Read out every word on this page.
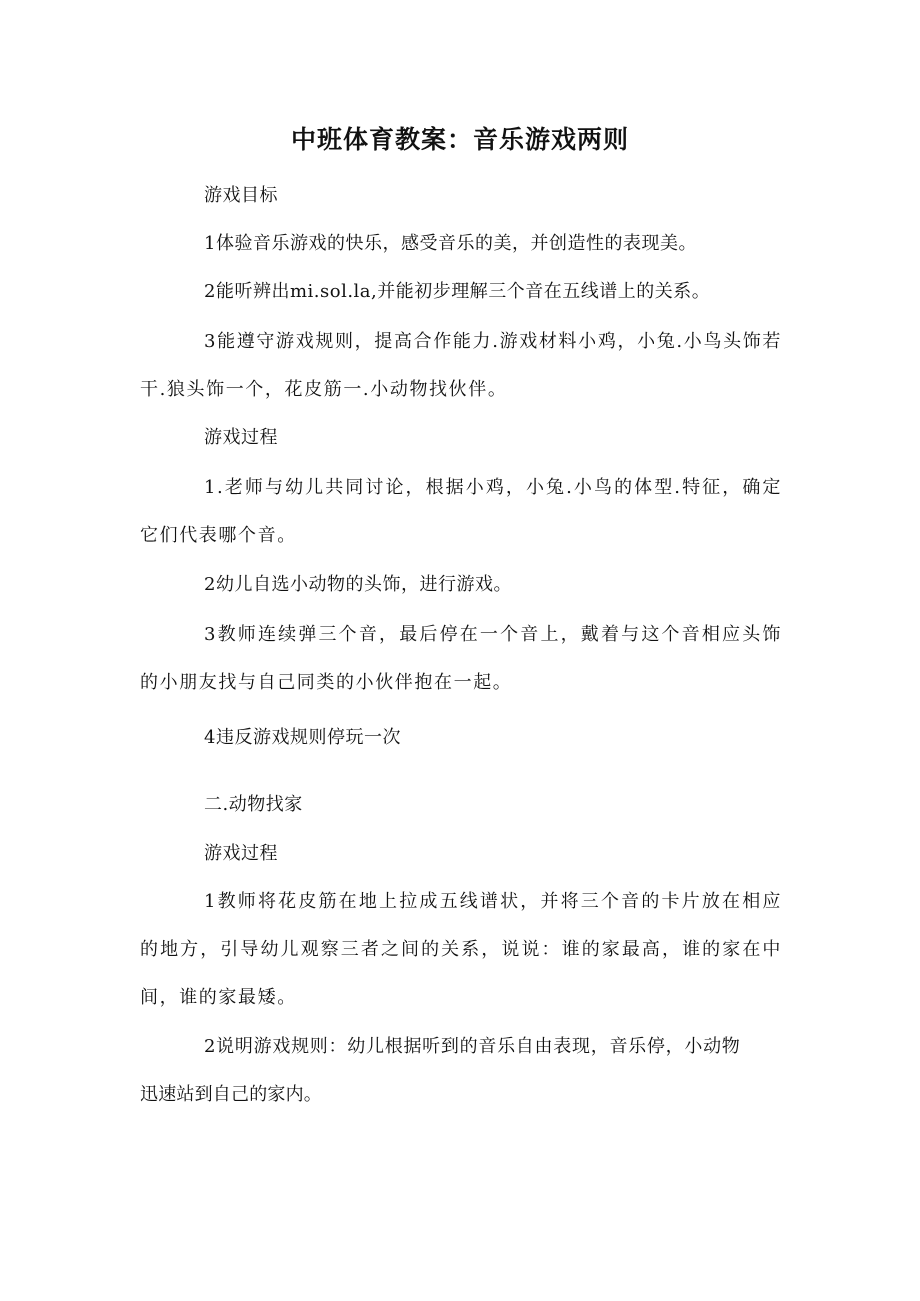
中班体育教案：音乐游戏两则

游戏目标

1体验音乐游戏的快乐，感受音乐的美，并创造性的表现美。

2能听辨出mi.sol.la,并能初步理解三个音在五线谱上的关系。

3能遵守游戏规则，提高合作能力.游戏材料小鸡，小兔.小鸟头饰若干.狼头饰一个，花皮筋一.小动物找伙伴。

游戏过程

1.老师与幼儿共同讨论，根据小鸡，小兔.小鸟的体型.特征，确定它们代表哪个音。

2幼儿自选小动物的头饰，进行游戏。

3教师连续弹三个音，最后停在一个音上，戴着与这个音相应头饰的小朋友找与自己同类的小伙伴抱在一起。

4违反游戏规则停玩一次

二.动物找家

游戏过程

1教师将花皮筋在地上拉成五线谱状，并将三个音的卡片放在相应的地方，引导幼儿观察三者之间的关系，说说：谁的家最高，谁的家在中间，谁的家最矮。

2说明游戏规则：幼儿根据听到的音乐自由表现，音乐停，小动物迅速站到自己的家内。
